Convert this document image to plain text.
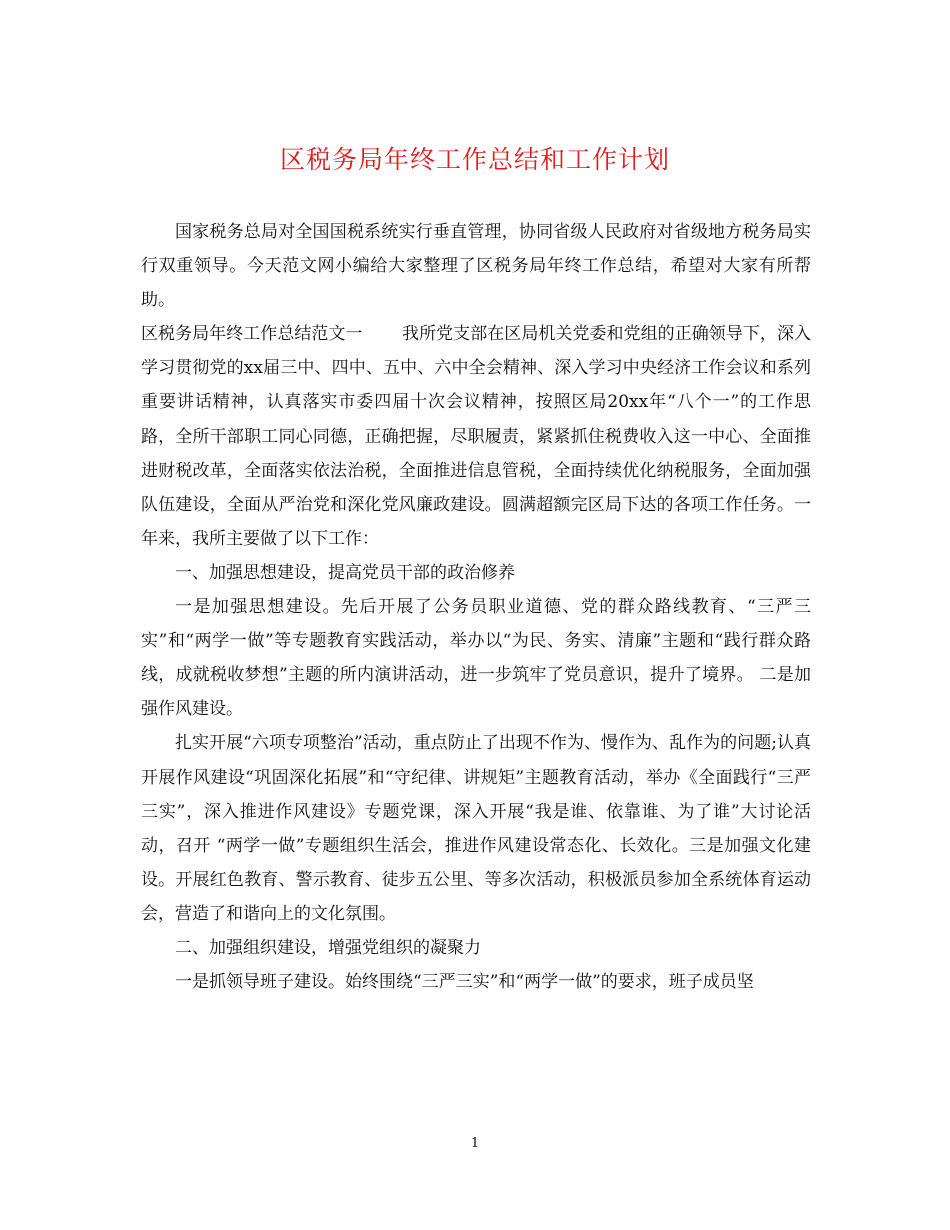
区税务局年终工作总结和工作计划

国家税务总局对全国国税系统实行垂直管理，协同省级人民政府对省级地方税务局实行双重领导。今天范文网小编给大家整理了区税务局年终工作总结，希望对大家有所帮助。

区税务局年终工作总结范文一　　 我所党支部在区局机关党委和党组的正确领导下，深入学习贯彻党的xx届三中、四中、五中、六中全会精神、深入学习中央经济工作会议和系列重要讲话精神，认真落实市委四届十次会议精神，按照区局20xx年“八个一”的工作思路，全所干部职工同心同德，正确把握，尽职履责，紧紧抓住税费收入这一中心、全面推进财税改革，全面落实依法治税，全面推进信息管税，全面持续优化纳税服务，全面加强队伍建设，全面从严治党和深化党风廉政建设。圆满超额完区局下达的各项工作任务。一年来，我所主要做了以下工作：

一、加强思想建设，提高党员干部的政治修养

一是加强思想建设。先后开展了公务员职业道德、党的群众路线教育、“三严三实”和“两学一做”等专题教育实践活动，举办以“为民、务实、清廉”主题和“践行群众路线，成就税收梦想”主题的所内演讲活动，进一步筑牢了党员意识，提升了境界。 二是加强作风建设。

扎实开展“六项专项整治”活动，重点防止了出现不作为、慢作为、乱作为的问题;认真开展作风建设“巩固深化拓展”和“守纪律、讲规矩”主题教育活动，举办《全面践行“三严三实”，深入推进作风建设》专题党课，深入开展“我是谁、依靠谁、为了谁”大讨论活动，召开 “两学一做”专题组织生活会，推进作风建设常态化、长效化。三是加强文化建设。开展红色教育、警示教育、徒步五公里、等多次活动，积极派员参加全系统体育运动会，营造了和谐向上的文化氛围。

二、加强组织建设，增强党组织的凝聚力

一是抓领导班子建设。始终围绕“三严三实”和“两学一做”的要求，班子成员坚

1
